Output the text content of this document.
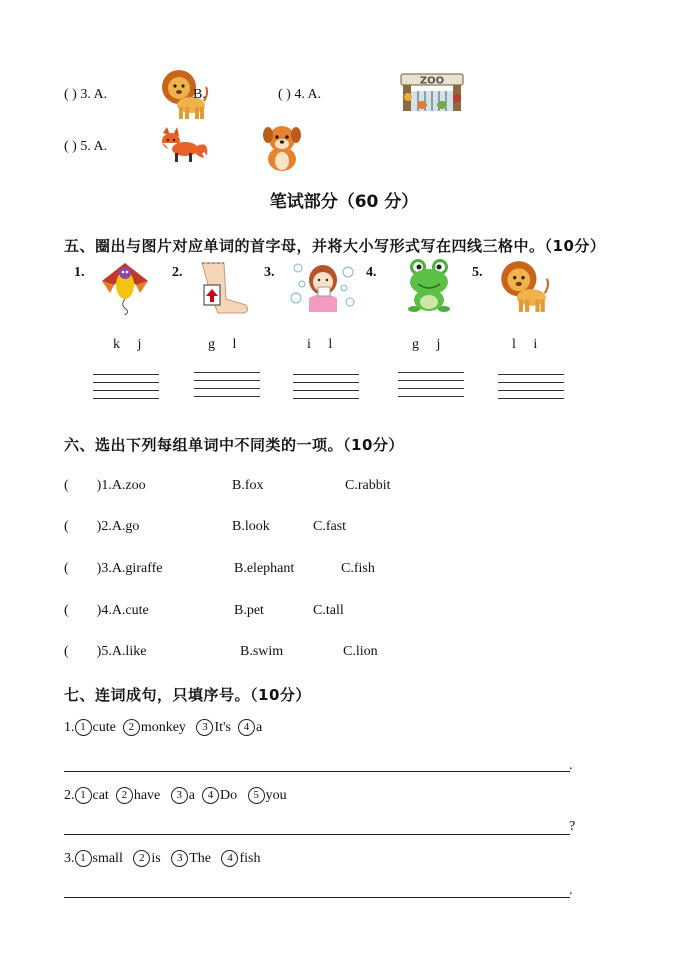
( ) 3. A.	B.	( ) 4. A.
ZOO
( ) 5. A.
笔试部分（60 分）
五、圈出与图片对应单词的首字母，并将大小写形式写在四线三格中。（10分）
1.
k     j
2.
g     l
3.
i     l
4.
g     j
5.
l     i
六、选出下列每组单词中不同类的一项。（10分）
(        )1.A.zoo	B.fox	C.rabbit
(        )2.A.go	B.look	C.fast
(        )3.A.giraffe	B.elephant	C.fish
(        )4.A.cute	B.pet	C.tall
(        )5.A.like	B.swim	C.lion
七、连词成句，只填序号。（10分）
1. 1 cute 2 monkey 3 It's 4 a
.
2. 1 cat 2 have 3 a 4 Do 5 you
?
3. 1 small 2 is 3 The 4 fish
.
